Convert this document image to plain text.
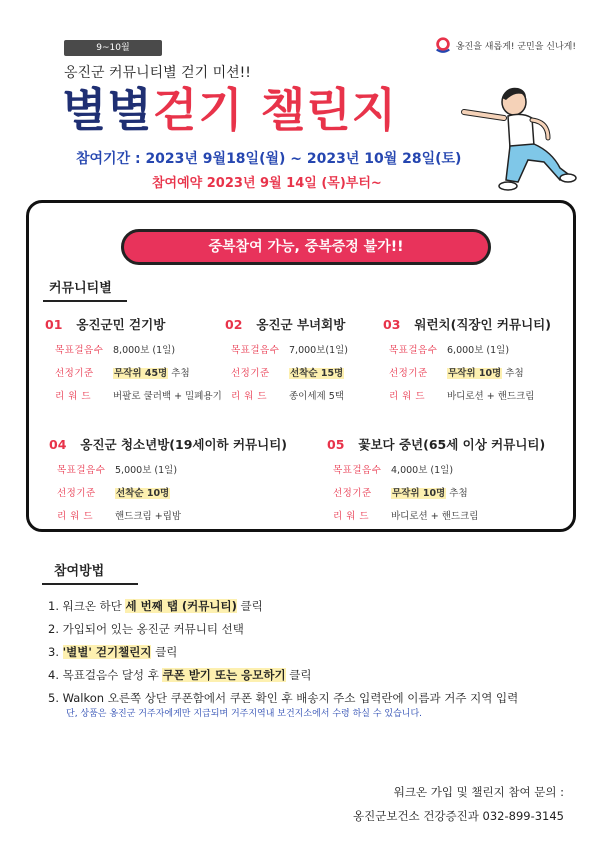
9~10월	옹진을 새롭게! 군민을 신나게!
옹진군 커뮤니티별 걷기 미션!!
별별걷기 챌린지
참여기간 : 2023년 9월18일(월) ~ 2023년 10월 28일(토)
참여예약 2023년 9월 14일 (목)부터~
중복참여 가능, 중복증정 불가!!
커뮤니티별
01 옹진군민 걷기방
목표걸음수	8,000보 (1일)
선정기준	무작위 45명 추첨
리 워 드	버팔로 쿨러백 + 밀폐용기
02 옹진군 부녀회방
목표걸음수	7,000보(1일)
선정기준	선착순 15명
리 워 드	종이세제 5택
03 워런치(직장인 커뮤니티)
목표걸음수	6,000보 (1일)
선정기준	무작위 10명 추첨
리 워 드	바디로션 + 핸드크림
04 옹진군 청소년방(19세이하 커뮤니티)
목표걸음수	5,000보 (1일)
선정기준	선착순 10명
리 워 드	핸드크림 +립밤
05 꽃보다 중년(65세 이상 커뮤니티)
목표걸음수	4,000보 (1일)
선정기준	무작위 10명 추첨
리 워 드	바디로션 + 핸드크림
참여방법
1. 워크온 하단 세 번째 탭 (커뮤니티) 클릭
2. 가입되어 있는 옹진군 커뮤니티 선택
3. '별별' 걷기챌린지 클릭
4. 목표걸음수 달성 후 쿠폰 받기 또는 응모하기 클릭
5. Walkon 오른쪽 상단 쿠폰함에서 쿠폰 확인 후 배송지 주소 입력란에 이름과 거주 지역 입력
단, 상품은 옹진군 거주자에게만 지급되며 거주지역내 보건지소에서 수령 하실 수 있습니다.
워크온 가입 및 챌린지 참여 문의 :
옹진군보건소 건강증진과 032-899-3145
